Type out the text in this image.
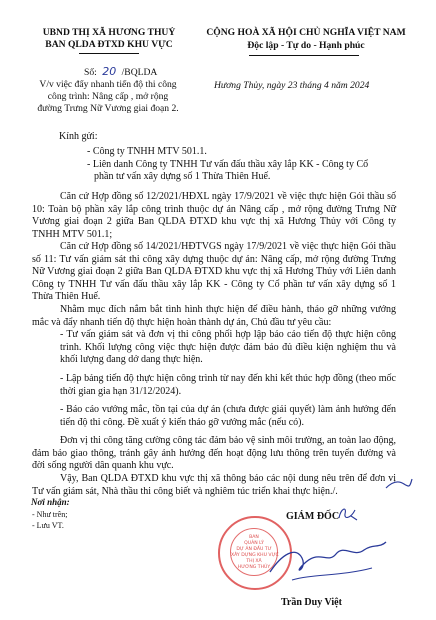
UBND THỊ XÃ HƯƠNG THUỶ
BAN QLDA ĐTXD KHU VỰC
Số: 20 /BQLDA
V/v việc đẩy nhanh tiến độ thi công
công trình: Nâng cấp , mở rộng
đường Trưng Nữ Vương giai đoạn 2.
CỘNG HOÀ XÃ HỘI CHỦ NGHĨA VIỆT NAM
Độc lập - Tự do - Hạnh phúc
Hương Thủy, ngày 23 tháng 4 năm 2024
Kính gửi:
- Công ty TNHH MTV 501.1.
- Liên danh Công ty TNHH Tư vấn đấu thầu xây lắp KK - Công ty Cổ
phần tư vấn xây dựng số 1 Thừa Thiên Huế.
Căn cứ Hợp đồng số 12/2021/HĐXL ngày 17/9/2021 về việc thực hiện Gói thầu số 10: Toàn bộ phần xây lắp công trình thuộc dự án Nâng cấp , mở rộng đường Trưng Nữ Vương giai đoạn 2 giữa Ban QLDA ĐTXD khu vực thị xã Hương Thủy với Công ty TNHH MTV 501.1;
Căn cứ Hợp đồng số 14/2021/HĐTVGS ngày 17/9/2021 về việc thực hiện Gói thầu số 11: Tư vấn giám sát thi công xây dựng thuộc dự án: Nâng cấp, mở rộng đường Trưng Nữ Vương giai đoạn 2 giữa Ban QLDA ĐTXD khu vực thị xã Hương Thủy với Liên danh Công ty TNHH Tư vấn đấu thầu xây lắp KK - Công ty Cổ phần tư vấn xây dựng số 1 Thừa Thiên Huế.
Nhằm mục đích nắm bắt tình hình thực hiện để điều hành, tháo gỡ những vướng mắc và đẩy nhanh tiến độ thực hiện hoàn thành dự án, Chủ đầu tư yêu cầu:
- Tư vấn giám sát và đơn vị thi công phối hợp lập báo cáo tiến độ thực hiện công trình. Khối lượng công việc thực hiện được đảm bảo đủ điều kiện nghiệm thu và khối lượng đang dở dang thực hiện.
- Lập bảng tiến độ thực hiện công trình từ nay đến khi kết thúc hợp đồng (theo mốc thời gian gia hạn 31/12/2024).
- Báo cáo vướng mắc, tồn tại của dự án (chưa được giải quyết) làm ảnh hưởng đến tiến độ thi công. Đề xuất ý kiến tháo gỡ vướng mắc (nếu có).
Đơn vị thi công tăng cường công tác đảm bảo vệ sinh môi trường, an toàn lao động, đảm bảo giao thông, tránh gây ảnh hưởng đến hoạt động lưu thông trên tuyến đường và đời sống người dân quanh khu vực.
Vậy, Ban QLDA ĐTXD khu vực thị xã thông báo các nội dung nêu trên để đơn vị Tư vấn giám sát, Nhà thầu thi công biết và nghiêm túc triển khai thực hiện./.
Nơi nhận:
- Như trên;
- Lưu VT.
GIÁM ĐỐC
BAN
QUẢN LÝ
DỰ ÁN ĐẦU TƯ
XÂY DỰNG KHU VỰC
THỊ XÃ
HƯƠNG THỦY
Trần Duy Việt
